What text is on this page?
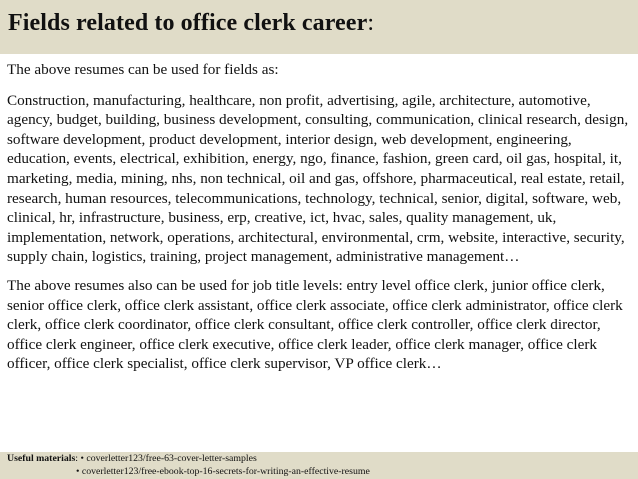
Fields related to office clerk career:

The above resumes can be used for fields as:

Construction, manufacturing, healthcare, non profit, advertising, agile, architecture, automotive, agency, budget, building, business development, consulting, communication, clinical research, design, software development, product development, interior design, web development, engineering, education, events, electrical, exhibition, energy, ngo, finance, fashion, green card, oil gas, hospital, it, marketing, media, mining, nhs, non technical, oil and gas, offshore, pharmaceutical, real estate, retail, research, human resources, telecommunications, technology, technical, senior, digital, software, web, clinical, hr, infrastructure, business, erp, creative, ict, hvac, sales, quality management, uk, implementation, network, operations, architectural, environmental, crm, website, interactive, security, supply chain, logistics, training, project management, administrative management…

The above resumes also can be used for job title levels: entry level office clerk, junior office clerk, senior office clerk, office clerk assistant, office clerk associate, office clerk administrator, office clerk clerk, office clerk coordinator, office clerk consultant, office clerk controller, office clerk director, office clerk engineer, office clerk executive, office clerk leader, office clerk manager, office clerk officer, office clerk specialist, office clerk supervisor, VP office clerk…

Useful materials: • coverletter123/free-63-cover-letter-samples
• coverletter123/free-ebook-top-16-secrets-for-writing-an-effective-resume
